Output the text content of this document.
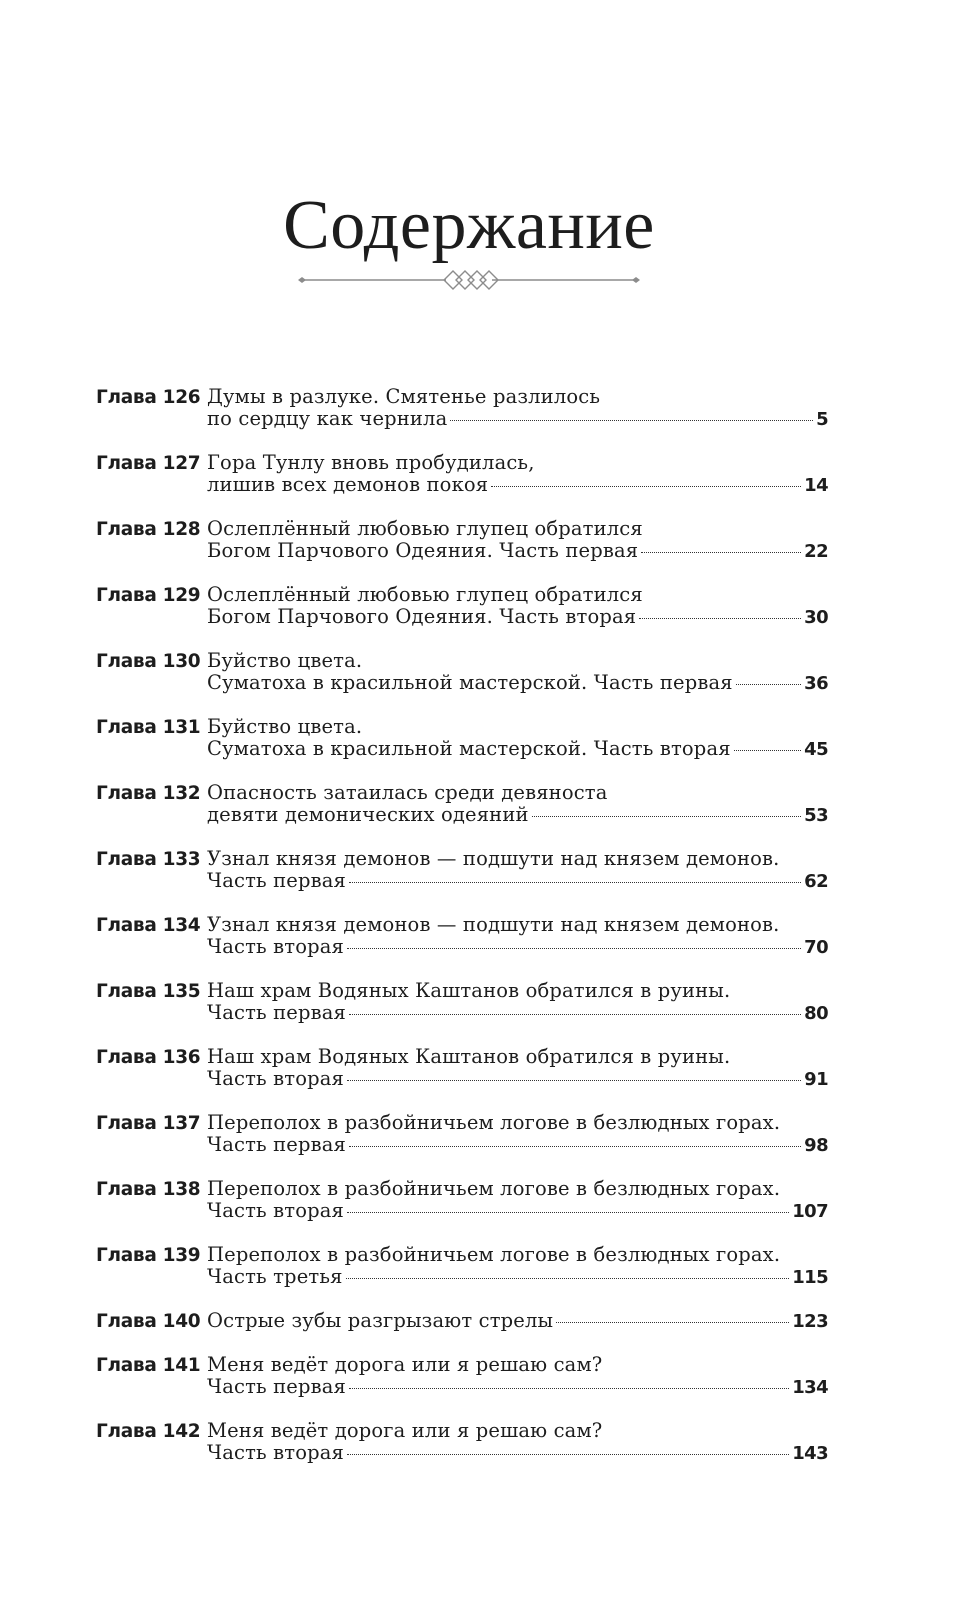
Содержание
Глава 126 Думы в разлуке. Смятенье разлилось
по сердцу как чернила	5
Глава 127 Гора Тунлу вновь пробудилась,
лишив всех демонов покоя	14
Глава 128 Ослеплённый любовью глупец обратился
Богом Парчового Одеяния. Часть первая	22
Глава 129 Ослеплённый любовью глупец обратился
Богом Парчового Одеяния. Часть вторая	30
Глава 130 Буйство цвета.
Суматоха в красильной мастерской. Часть первая	36
Глава 131 Буйство цвета.
Суматоха в красильной мастерской. Часть вторая	45
Глава 132 Опасность затаилась среди девяноста
девяти демонических одеяний	53
Глава 133 Узнал князя демонов — подшути над князем демонов.
Часть первая	62
Глава 134 Узнал князя демонов — подшути над князем демонов.
Часть вторая	70
Глава 135 Наш храм Водяных Каштанов обратился в руины.
Часть первая	80
Глава 136 Наш храм Водяных Каштанов обратился в руины.
Часть вторая	91
Глава 137 Переполох в разбойничьем логове в безлюдных горах.
Часть первая	98
Глава 138 Переполох в разбойничьем логове в безлюдных горах.
Часть вторая	107
Глава 139 Переполох в разбойничьем логове в безлюдных горах.
Часть третья	115
Глава 140 Острые зубы разгрызают стрелы	123
Глава 141 Меня ведёт дорога или я решаю сам?
Часть первая	134
Глава 142 Меня ведёт дорога или я решаю сам?
Часть вторая	143
